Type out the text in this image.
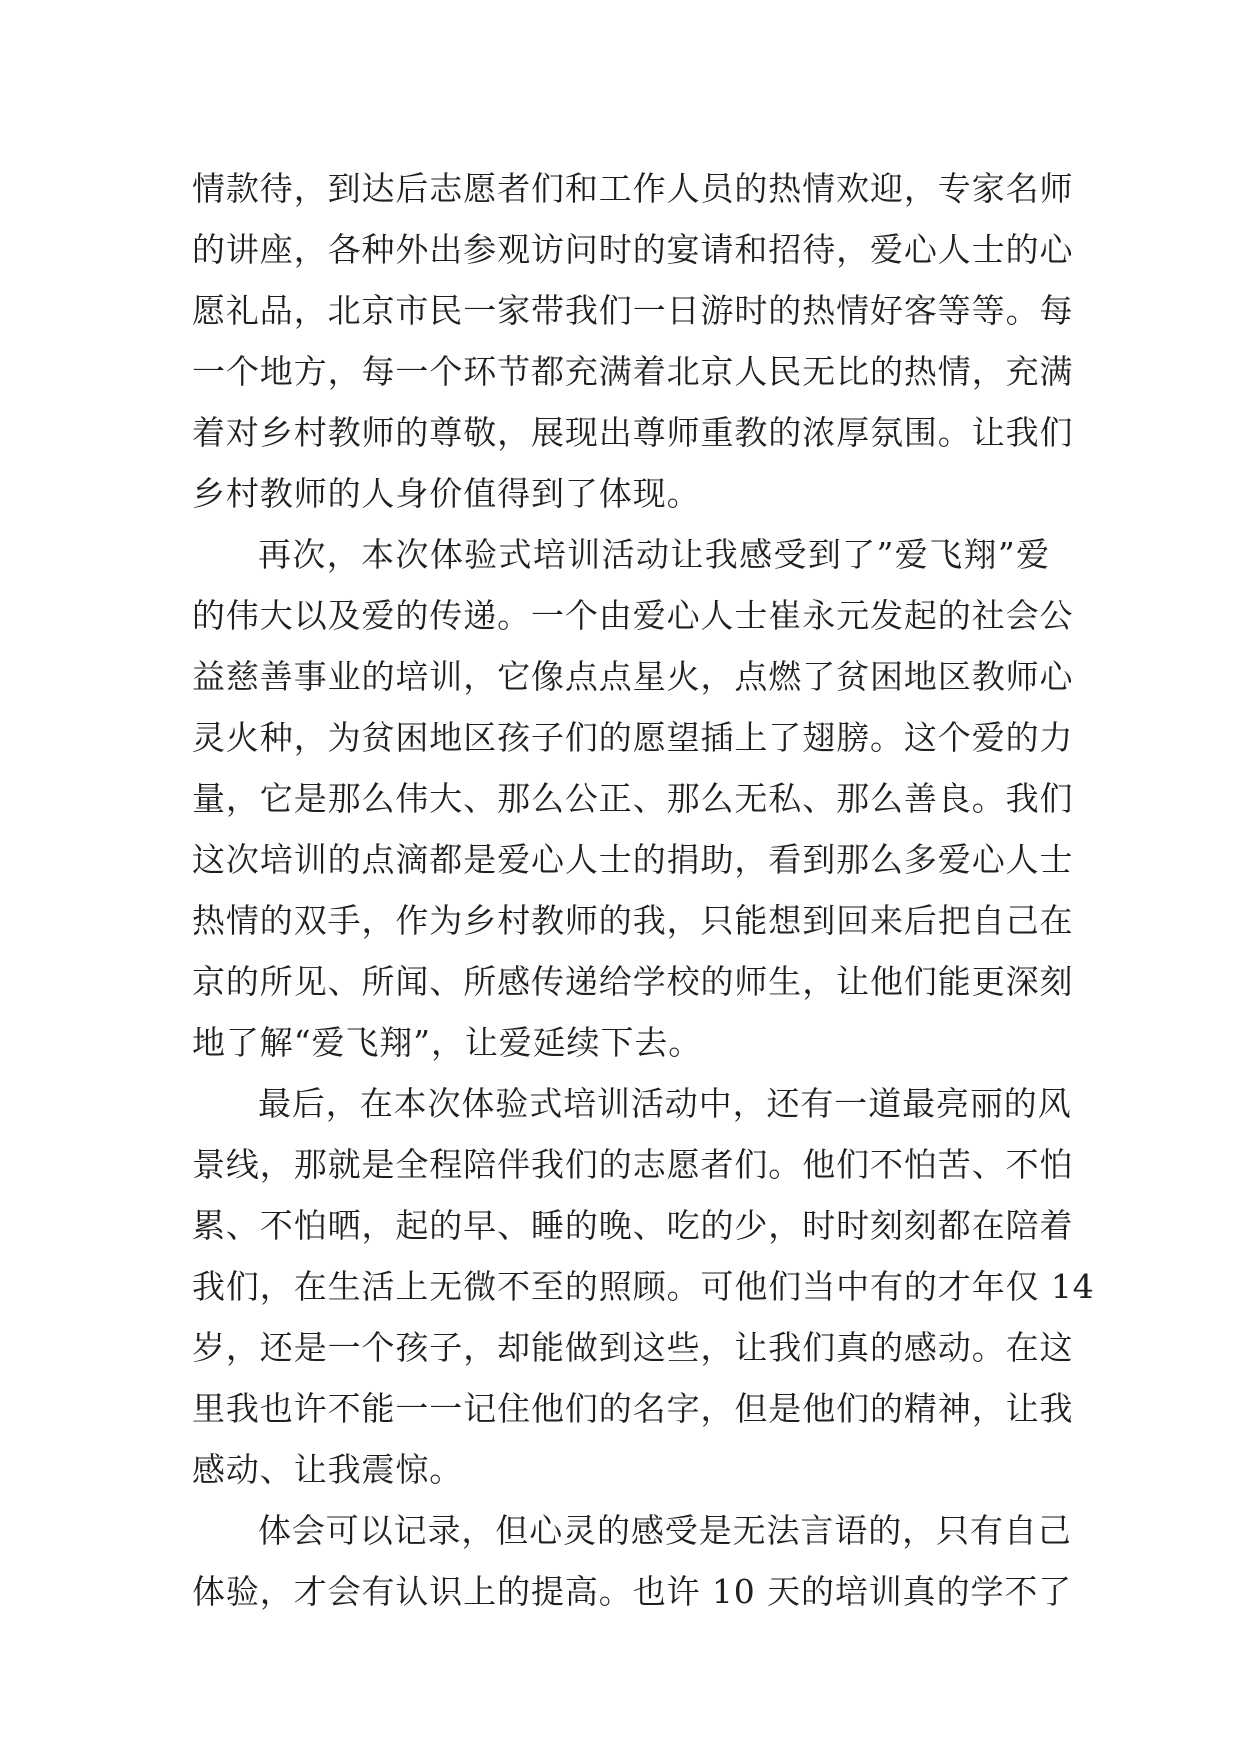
情款待，到达后志愿者们和工作人员的热情欢迎，专家名师
的讲座，各种外出参观访问时的宴请和招待，爱心人士的心
愿礼品，北京市民一家带我们一日游时的热情好客等等。每
一个地方，每一个环节都充满着北京人民无比的热情，充满
着对乡村教师的尊敬，展现出尊师重教的浓厚氛围。让我们
乡村教师的人身价值得到了体现。
再次，本次体验式培训活动让我感受到了”爱飞翔”爱
的伟大以及爱的传递。一个由爱心人士崔永元发起的社会公
益慈善事业的培训，它像点点星火，点燃了贫困地区教师心
灵火种，为贫困地区孩子们的愿望插上了翅膀。这个爱的力
量，它是那么伟大、那么公正、那么无私、那么善良。我们
这次培训的点滴都是爱心人士的捐助，看到那么多爱心人士
热情的双手，作为乡村教师的我，只能想到回来后把自己在
京的所见、所闻、所感传递给学校的师生，让他们能更深刻
地了解“爱飞翔”，让爱延续下去。
最后，在本次体验式培训活动中，还有一道最亮丽的风
景线，那就是全程陪伴我们的志愿者们。他们不怕苦、不怕
累、不怕晒，起的早、睡的晚、吃的少，时时刻刻都在陪着
我们，在生活上无微不至的照顾。可他们当中有的才年仅 14
岁，还是一个孩子，却能做到这些，让我们真的感动。在这
里我也许不能一一记住他们的名字，但是他们的精神，让我
感动、让我震惊。
体会可以记录，但心灵的感受是无法言语的，只有自己
体验，才会有认识上的提高。也许 10 天的培训真的学不了
